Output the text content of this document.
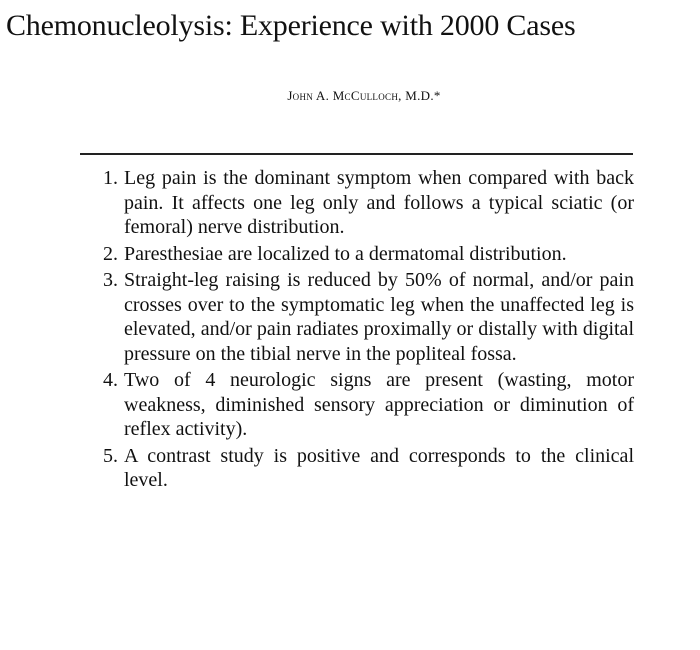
Chemonucleolysis: Experience with 2000 Cases
John A. McCulloch, M.D.*
1. Leg pain is the dominant symptom when compared with back pain. It affects one leg only and follows a typical sciatic (or femoral) nerve distribution.
2. Paresthesiae are localized to a dermatomal distribution.
3. Straight-leg raising is reduced by 50% of normal, and/or pain crosses over to the symptomatic leg when the unaffected leg is elevated, and/or pain radiates proximally or distally with digital pressure on the tibial nerve in the popliteal fossa.
4. Two of 4 neurologic signs are present (wasting, motor weakness, diminished sensory appreciation or diminution of reflex activity).
5. A contrast study is positive and corresponds to the clinical level.
